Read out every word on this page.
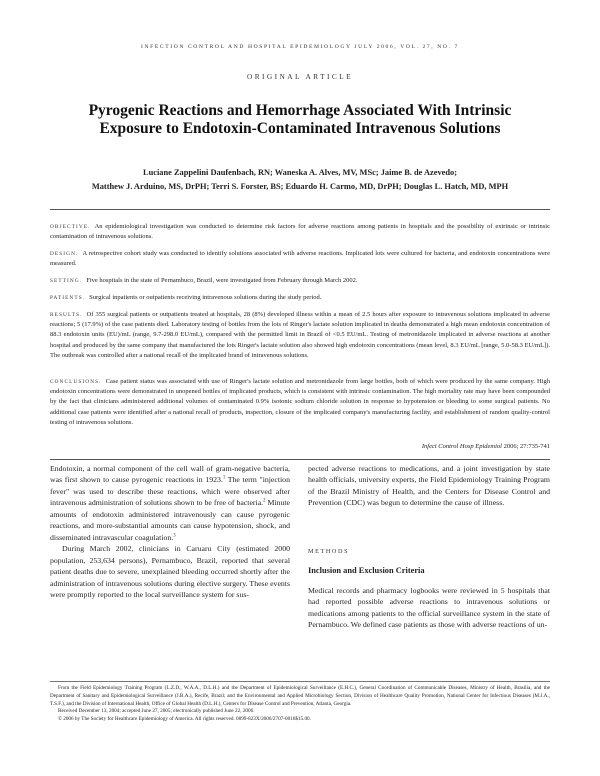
INFECTION CONTROL AND HOSPITAL EPIDEMIOLOGY JULY 2006, VOL. 27, NO. 7
ORIGINAL ARTICLE
Pyrogenic Reactions and Hemorrhage Associated With Intrinsic
Exposure to Endotoxin-Contaminated Intravenous Solutions
Luciane Zappelini Daufenbach, RN; Waneska A. Alves, MV, MSc; Jaime B. de Azevedo;
Matthew J. Arduino, MS, DrPH; Terri S. Forster, BS; Eduardo H. Carmo, MD, DrPH; Douglas L. Hatch, MD, MPH
OBJECTIVE. An epidemiological investigation was conducted to determine risk factors for adverse reactions among patients in hospitals and the possibility of extrinsic or intrinsic contamination of intravenous solutions.
DESIGN. A retrospective cohort study was conducted to identify solutions associated with adverse reactions. Implicated lots were cultured for bacteria, and endotoxin concentrations were measured.
SETTING. Five hospitals in the state of Pernambuco, Brazil, were investigated from February through March 2002.
PATIENTS. Surgical inpatients or outpatients receiving intravenous solutions during the study period.
RESULTS. Of 355 surgical patients or outpatients treated at hospitals, 28 (8%) developed illness within a mean of 2.5 hours after exposure to intravenous solutions implicated in adverse reactions; 5 (17.9%) of the case patients died. Laboratory testing of bottles from the lots of Ringer's lactate solution implicated in deaths demonstrated a high mean endotoxin concentration of 88.3 endotoxin units (EU)/mL (range, 9.7-298.0 EU/mL), compared with the permitted limit in Brazil of <0.5 EU/mL. Testing of metronidazole implicated in adverse reactions at another hospital and produced by the same company that manufactured the lots Ringer's lactate solution also showed high endotoxin concentrations (mean level, 8.3 EU/mL [range, 5.0-58.3 EU/mL]). The outbreak was controlled after a national recall of the implicated brand of intravenous solutions.
CONCLUSIONS. Case patient status was associated with use of Ringer's lactate solution and metronidazole from large bottles, both of which were produced by the same company. High endotoxin concentrations were demonstrated in unopened bottles of implicated products, which is consistent with intrinsic contamination. The high mortality rate may have been compounded by the fact that clinicians administered additional volumes of contaminated 0.9% isotonic sodium chloride solution in response to hypotension or bleeding to some surgical patients. No additional case patients were identified after a national recall of products, inspection, closure of the implicated company's manufacturing facility, and establishment of random quality-control testing of intravenous solutions.
Infect Control Hosp Epidemiol 2006; 27:735-741

Endotoxin, a normal component of the cell wall of gram-negative bacteria, was first shown to cause pyrogenic reactions in 1923.$^1$ The term "injection fever" was used to describe these reactions, which were observed after intravenous administration of solutions shown to be free of bacteria.$^2$ Minute amounts of endotoxin administered intravenously can cause pyrogenic reactions, and more-substantial amounts can cause hypotension, shock, and disseminated intravascular coagulation.$^3$

During March 2002, clinicians in Caruaru City (estimated 2000 population, 253,634 persons), Pernambuco, Brazil, reported that several patient deaths due to severe, unexplained bleeding occurred shortly after the administration of intravenous solutions during elective surgery. These events were promptly reported to the local surveillance system for sus-

pected adverse reactions to medications, and a joint investigation by state health officials, university experts, the Field Epidemiology Training Program of the Brazil Ministry of Health, and the Centers for Disease Control and Prevention (CDC) was begun to determine the cause of illness.

METHODS
Inclusion and Exclusion Criteria

Medical records and pharmacy logbooks were reviewed in 5 hospitals that had reported possible adverse reactions to intravenous solutions or medications among patients to the official surveillance system in the state of Pernambuco. We defined case patients as those with adverse reactions of un-

From the Field Epidemiology Training Program (L.Z.D., W.A.A., D.L.H.) and the Department of Epidemiological Surveillance (E.H.C.), General Coordination of Communicable Diseases, Ministry of Health, Brasilia, and the Department of Sanitary and Epidemiological Surveillance (J.B.A.), Recife, Brazil; and the Environmental and Applied Microbiology Section, Division of Healthcare Quality Promotion, National Center for Infectious Diseases (M.J.A., T.S.F.), and the Division of International Health, Office of Global Health (D.L.H.), Centers for Disease Control and Prevention, Atlanta, Georgia.

Received December 13, 2004; accepted June 27, 2005; electronically published June 22, 2006.

© 2006 by The Society for Healthcare Epidemiology of America. All rights reserved. 0899-823X/2006/2707-0016$15.00.
